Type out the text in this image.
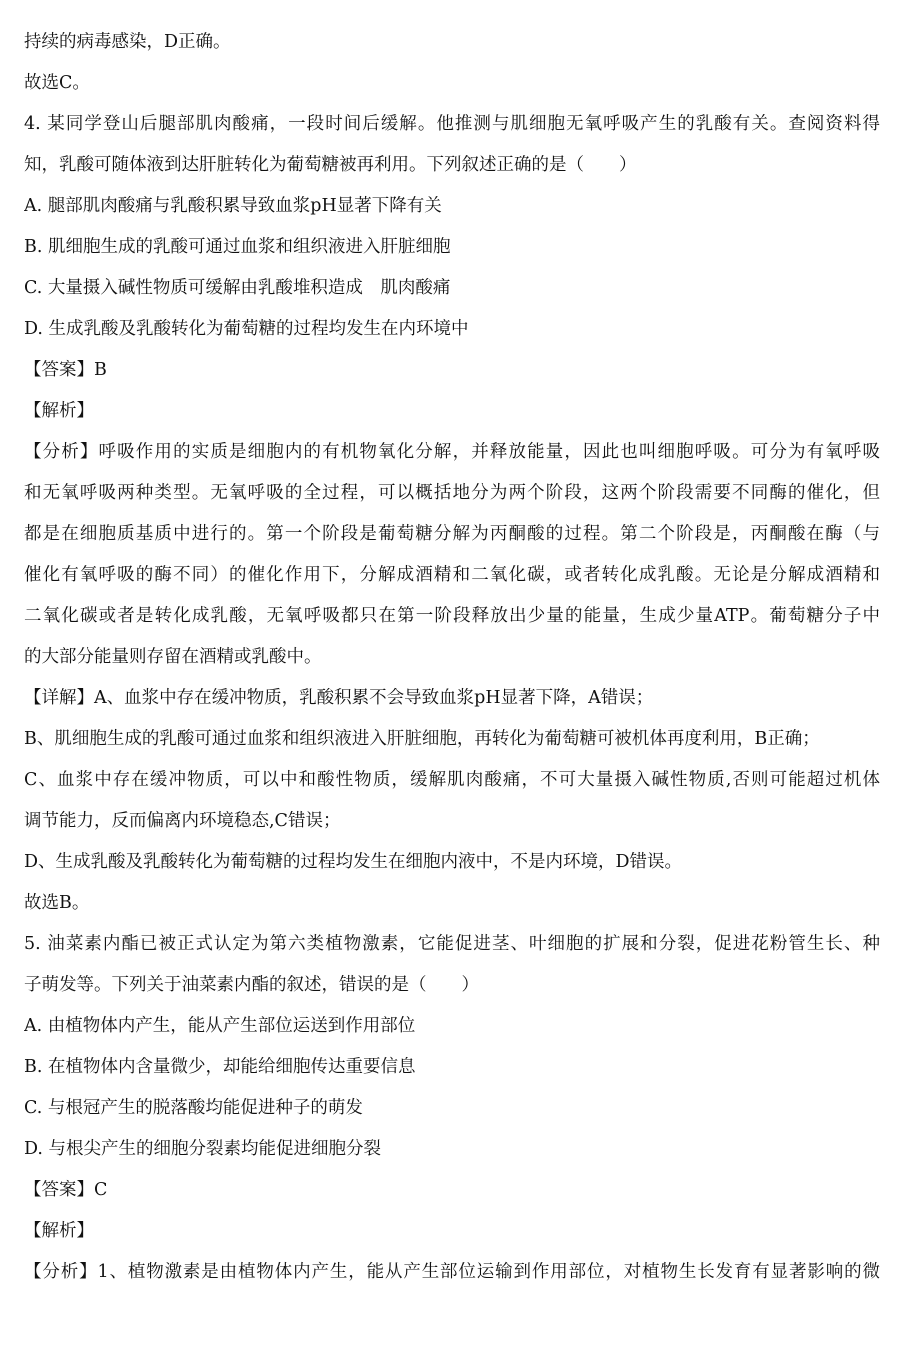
持续的病毒感染，D正确。
故选C。
4. 某同学登山后腿部肌肉酸痛，一段时间后缓解。他推测与肌细胞无氧呼吸产生的乳酸有关。查阅资料得
知，乳酸可随体液到达肝脏转化为葡萄糖被再利用。下列叙述正确的是（　　）
A. 腿部肌肉酸痛与乳酸积累导致血浆pH显著下降有关
B. 肌细胞生成的乳酸可通过血浆和组织液进入肝脏细胞
C. 大量摄入碱性物质可缓解由乳酸堆积造成　肌肉酸痛
D. 生成乳酸及乳酸转化为葡萄糖的过程均发生在内环境中
【答案】B
【解析】
【分析】呼吸作用的实质是细胞内的有机物氧化分解，并释放能量，因此也叫细胞呼吸。可分为有氧呼吸
和无氧呼吸两种类型。无氧呼吸的全过程，可以概括地分为两个阶段，这两个阶段需要不同酶的催化，但
都是在细胞质基质中进行的。第一个阶段是葡萄糖分解为丙酮酸的过程。第二个阶段是，丙酮酸在酶（与
催化有氧呼吸的酶不同）的催化作用下，分解成酒精和二氧化碳，或者转化成乳酸。无论是分解成酒精和
二氧化碳或者是转化成乳酸，无氧呼吸都只在第一阶段释放出少量的能量，生成少量ATP。葡萄糖分子中
的大部分能量则存留在酒精或乳酸中。
【详解】A、血浆中存在缓冲物质，乳酸积累不会导致血浆pH显著下降，A错误；
B、肌细胞生成的乳酸可通过血浆和组织液进入肝脏细胞，再转化为葡萄糖可被机体再度利用，B正确；
C、血浆中存在缓冲物质，可以中和酸性物质，缓解肌肉酸痛，不可大量摄入碱性物质,否则可能超过机体
调节能力，反而偏离内环境稳态,C错误；
D、生成乳酸及乳酸转化为葡萄糖的过程均发生在细胞内液中，不是内环境，D错误。
故选B。
5. 油菜素内酯已被正式认定为第六类植物激素，它能促进茎、叶细胞的扩展和分裂，促进花粉管生长、种
子萌发等。下列关于油菜素内酯的叙述，错误的是（　　）
A. 由植物体内产生，能从产生部位运送到作用部位
B. 在植物体内含量微少，却能给细胞传达重要信息
C. 与根冠产生的脱落酸均能促进种子的萌发
D. 与根尖产生的细胞分裂素均能促进细胞分裂
【答案】C
【解析】
【分析】1、植物激素是由植物体内产生，能从产生部位运输到作用部位，对植物生长发育有显著影响的微
